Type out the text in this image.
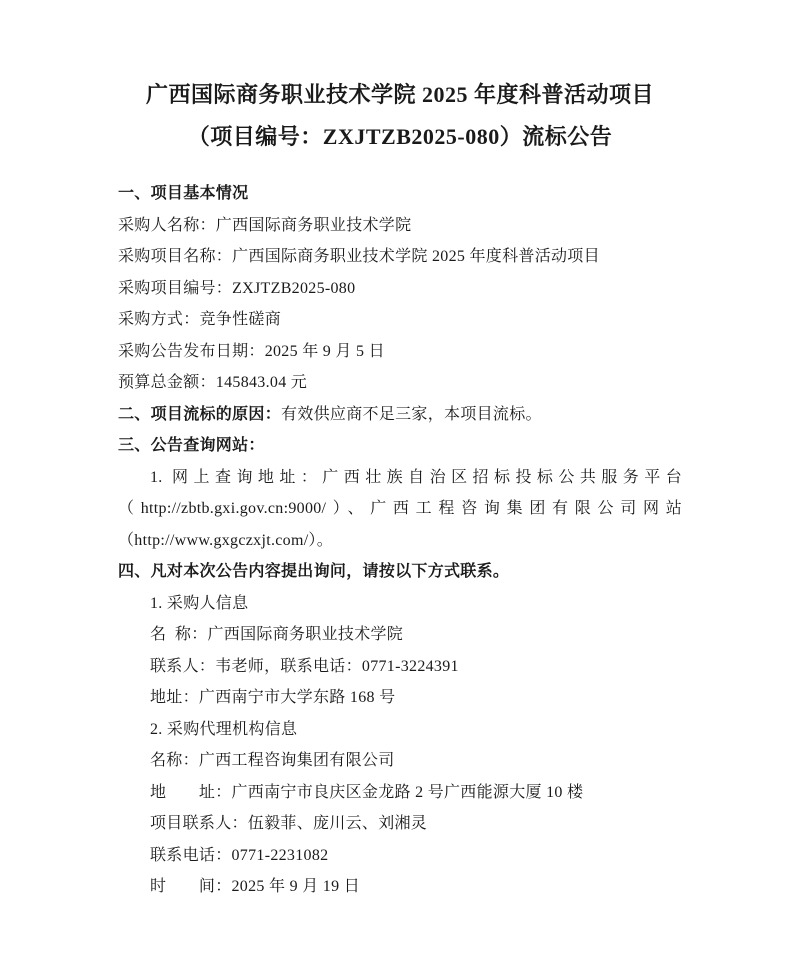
广西国际商务职业技术学院 2025 年度科普活动项目
（项目编号：ZXJTZB2025-080）流标公告
一、项目基本情况
采购人名称：广西国际商务职业技术学院
采购项目名称：广西国际商务职业技术学院 2025 年度科普活动项目
采购项目编号：ZXJTZB2025-080
采购方式：竞争性磋商
采购公告发布日期：2025 年 9 月 5 日
预算总金额：145843.04 元
二、项目流标的原因：有效供应商不足三家，本项目流标。
三、公告查询网站：
1. 网上查询地址：广西壮族自治区招标投标公共服务平台
（http://zbtb.gxi.gov.cn:9000/）、广西工程咨询集团有限公司网站
（http://www.gxgczxjt.com/）。
四、凡对本次公告内容提出询问，请按以下方式联系。
1. 采购人信息
名  称：广西国际商务职业技术学院
联系人：韦老师，联系电话：0771-3224391
地址：广西南宁市大学东路 168 号
2. 采购代理机构信息
名称：广西工程咨询集团有限公司
地　　址：广西南宁市良庆区金龙路 2 号广西能源大厦 10 楼
项目联系人：伍毅菲、庞川云、刘湘灵
联系电话：0771-2231082
时　　间：2025 年 9 月 19 日
